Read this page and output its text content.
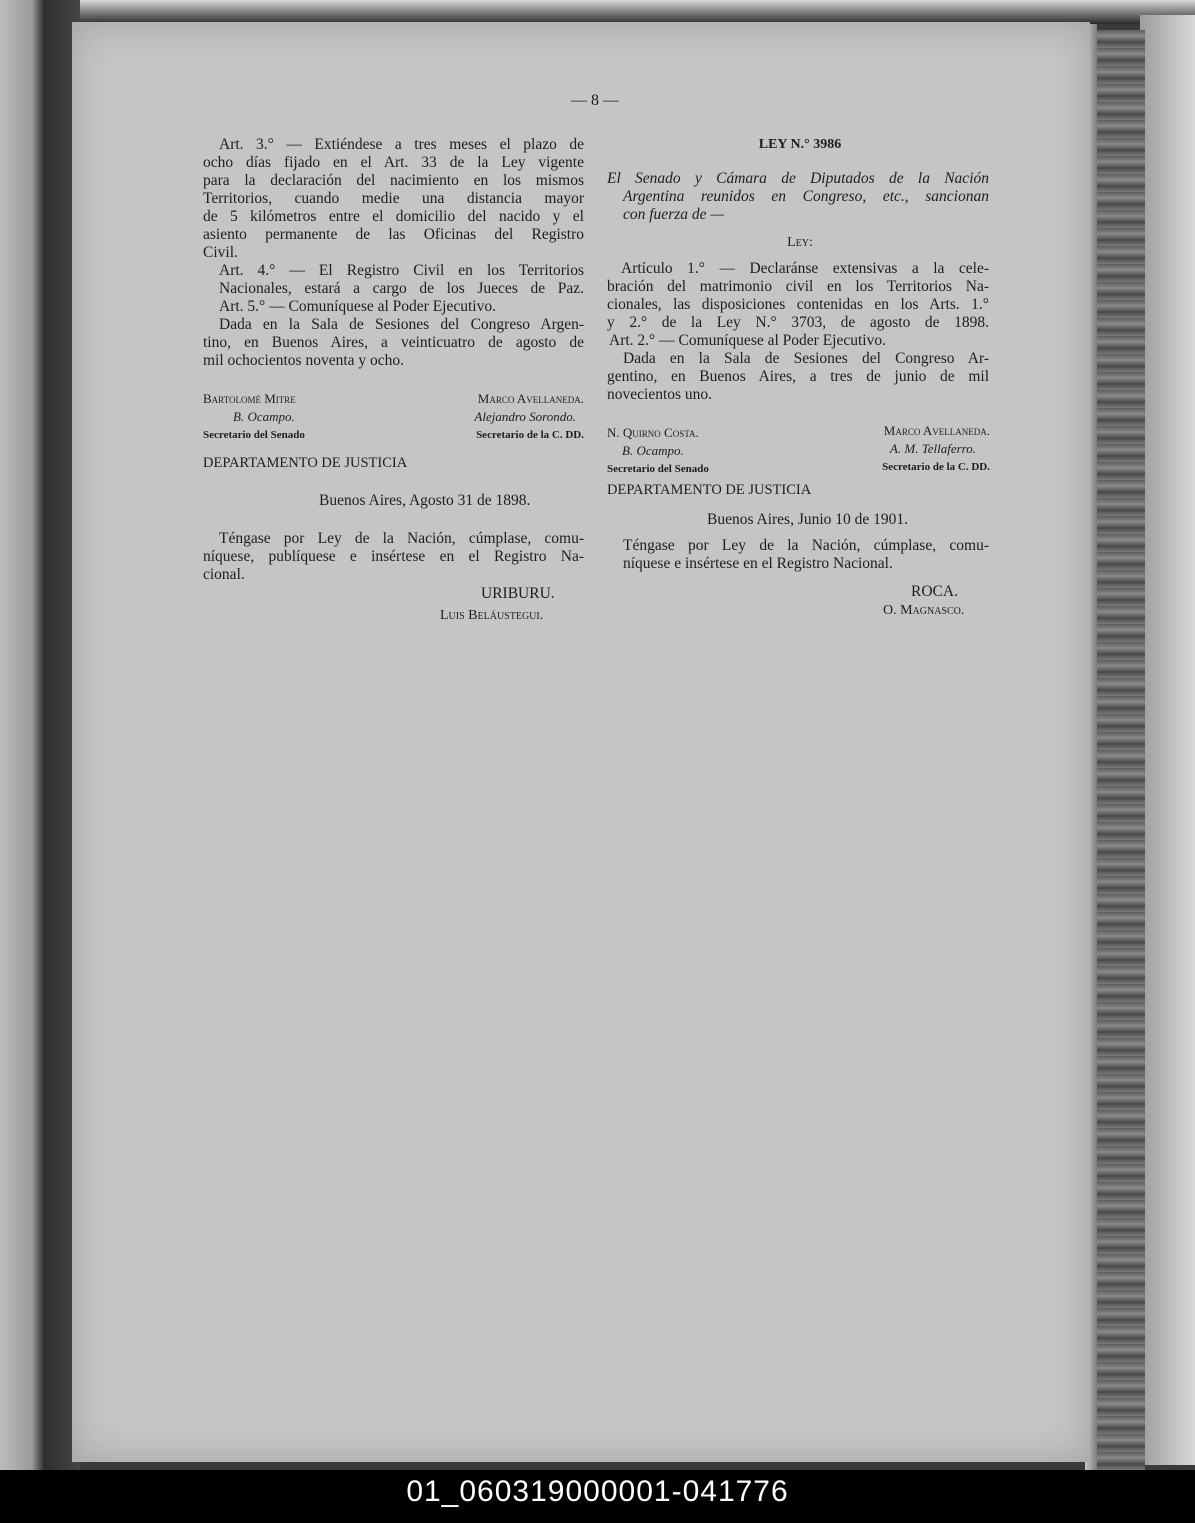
— 8 —
Art. 3.° — Extiéndese a tres meses el plazo de
ocho días fijado en el Art. 33 de la Ley vigente
para la declaración del nacimiento en los mismos
Territorios, cuando medie una distancia mayor
de 5 kilómetros entre el domicilio del nacido y el
asiento permanente de las Oficinas del Registro
Civil.
Art. 4.° — El Registro Civil en los Territorios
Nacionales, estará a cargo de los Jueces de Paz.
Art. 5.° — Comuníquese al Poder Ejecutivo.
Dada en la Sala de Sesiones del Congreso Argen-
tino, en Buenos Aires, a veinticuatro de agosto de
mil ochocientos noventa y ocho.
Bartolomé Mitre
B. Ocampo.
Secretario del Senado
Marco Avellaneda.
Alejandro Sorondo.
Secretario de la C. DD.
DEPARTAMENTO DE JUSTICIA
Buenos Aires, Agosto 31 de 1898.
Téngase por Ley de la Nación, cúmplase, comu-
níquese, publíquese e insértese en el Registro Na-
cional.
URIBURU.
Luis Beláustegui.
LEY N.° 3986
El Senado y Cámara de Diputados de la Nación
Argentina reunidos en Congreso, etc., sancionan
con fuerza de —
Ley:
Artículo 1.° — Declaránse extensivas a la cele-
bración del matrimonio civil en los Territorios Na-
cionales, las disposiciones contenidas en los Arts. 1.°
y 2.° de la Ley N.° 3703, de agosto de 1898.
Art. 2.° — Comuníquese al Poder Ejecutivo.
Dada en la Sala de Sesiones del Congreso Ar-
gentino, en Buenos Aires, a tres de junio de mil
novecientos uno.
N. Quirno Costa.
B. Ocampo.
Secretario del Senado
Marco Avellaneda.
A. M. Tellaferro.
Secretario de la C. DD.
DEPARTAMENTO DE JUSTICIA
Buenos Aires, Junio 10 de 1901.
Téngase por Ley de la Nación, cúmplase, comu-
níquese e insértese en el Registro Nacional.
ROCA.
O. Magnasco.
01_060319000001-041776
